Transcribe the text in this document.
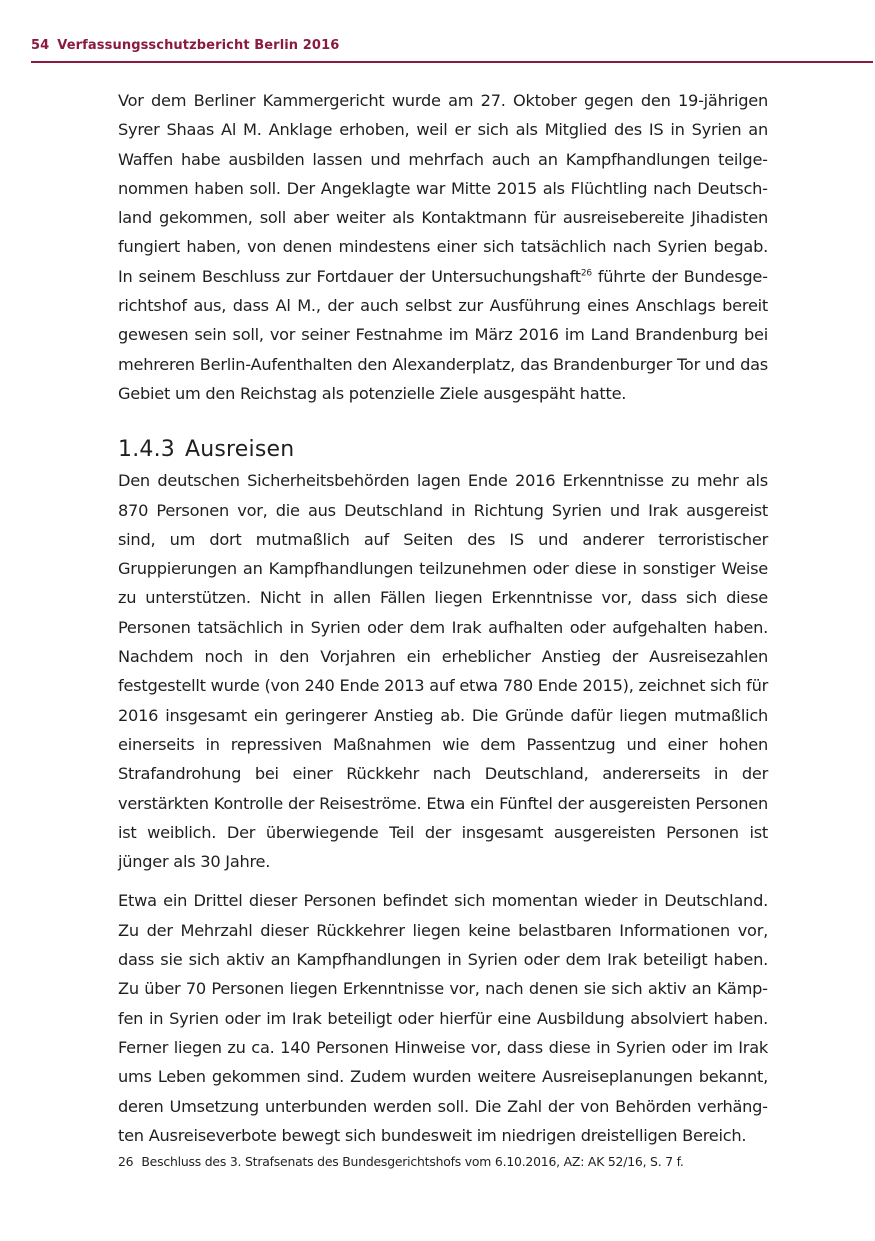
54 Verfassungsschutzbericht Berlin 2016

Vor dem Berliner Kammergericht wurde am 27. Oktober gegen den 19-jährigen Syrer Shaas Al M. Anklage erhoben, weil er sich als Mitglied des IS in Syrien an Waffen habe ausbilden lassen und mehrfach auch an Kampfhandlungen teilgenommen haben soll. Der Angeklagte war Mitte 2015 als Flüchtling nach Deutschland gekommen, soll aber weiter als Kontaktmann für ausreisebereite Jihadisten fungiert haben, von denen mindestens einer sich tatsächlich nach Syrien begab. In seinem Beschluss zur Fortdauer der Untersuchungshaft$^{26}$ führte der Bundesgerichtshof aus, dass Al M., der auch selbst zur Ausführung eines Anschlags bereit gewesen sein soll, vor seiner Festnahme im März 2016 im Land Brandenburg bei mehreren Berlin-Aufenthalten den Alexanderplatz, das Brandenburger Tor und das Gebiet um den Reichstag als potenzielle Ziele ausgespäht hatte.

1.4.3 Ausreisen

Den deutschen Sicherheitsbehörden lagen Ende 2016 Erkenntnisse zu mehr als 870 Personen vor, die aus Deutschland in Richtung Syrien und Irak ausgereist sind, um dort mutmaßlich auf Seiten des IS und anderer terroristischer Gruppierungen an Kampfhandlungen teilzunehmen oder diese in sonstiger Weise zu unterstützen. Nicht in allen Fällen liegen Erkenntnisse vor, dass sich diese Personen tatsächlich in Syrien oder dem Irak aufhalten oder aufgehalten haben. Nachdem noch in den Vorjahren ein erheblicher Anstieg der Ausreisezahlen festgestellt wurde (von 240 Ende 2013 auf etwa 780 Ende 2015), zeichnet sich für 2016 insgesamt ein geringerer Anstieg ab. Die Gründe dafür liegen mutmaßlich einerseits in repressiven Maßnahmen wie dem Passentzug und einer hohen Strafandrohung bei einer Rückkehr nach Deutschland, andererseits in der verstärkten Kontrolle der Reiseströme. Etwa ein Fünftel der ausgereisten Personen ist weiblich. Der überwiegende Teil der insgesamt ausgereisten Personen ist jünger als 30 Jahre.

Etwa ein Drittel dieser Personen befindet sich momentan wieder in Deutschland. Zu der Mehrzahl dieser Rückkehrer liegen keine belastbaren Informationen vor, dass sie sich aktiv an Kampfhandlungen in Syrien oder dem Irak beteiligt haben. Zu über 70 Personen liegen Erkenntnisse vor, nach denen sie sich aktiv an Kämpfen in Syrien oder im Irak beteiligt oder hierfür eine Ausbildung absolviert haben. Ferner liegen zu ca. 140 Personen Hinweise vor, dass diese in Syrien oder im Irak ums Leben gekommen sind. Zudem wurden weitere Ausreiseplanungen bekannt, deren Umsetzung unterbunden werden soll. Die Zahl der von Behörden verhängten Ausreiseverbote bewegt sich bundesweit im niedrigen dreistelligen Bereich.

26 Beschluss des 3. Strafsenats des Bundesgerichtshofs vom 6.10.2016, AZ: AK 52/16, S. 7 f.
